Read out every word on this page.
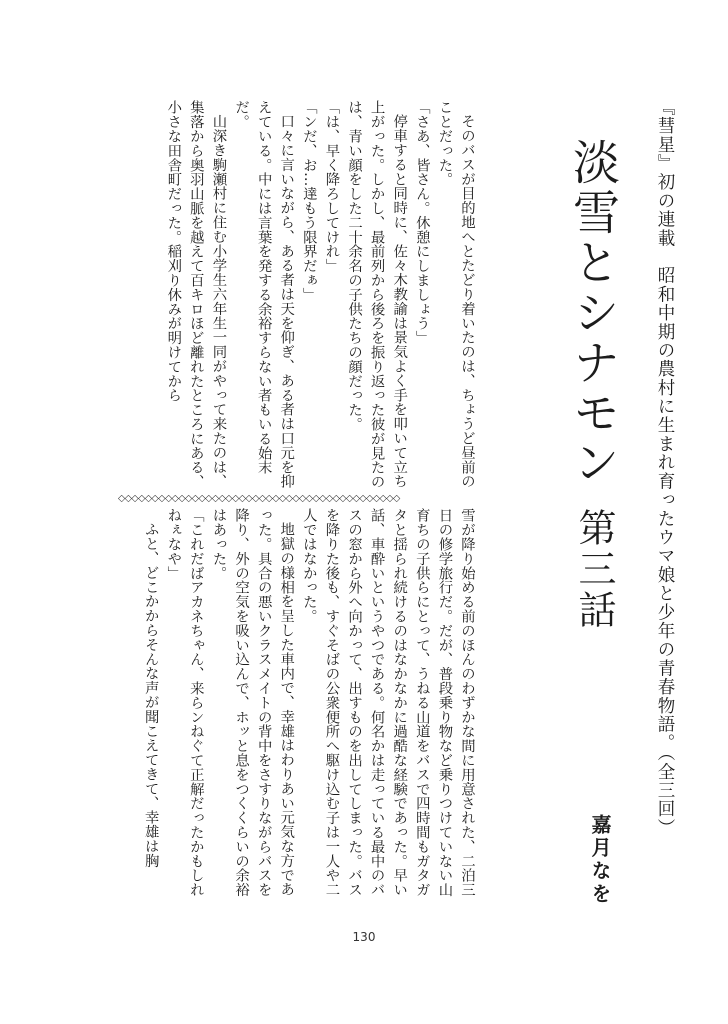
『彗星』初の連載　昭和中期の農村に生まれ育ったウマ娘と少年の青春物語。（全三回）
淡雪とシナモン
第三話
嘉月なを

そのバスが目的地へとたどり着いたのは、ちょうど昼前のことだった。

「さあ、皆さん。休憩にしましょう」

停車すると同時に、佐々木教諭は景気よく手を叩いて立ち上がった。しかし、最前列から後ろを振り返った彼が見たのは、青い顔をした二十余名の子供たちの顔だった。

「は、早く降ろしてけれ」

「ンだ、お…達もう限界だぁ」

口々に言いながら、ある者は天を仰ぎ、ある者は口元を抑えている。中には言葉を発する余裕すらない者もいる始末だ。

山深き駒瀬村に住む小学生六年生一同がやって来たのは、集落から奥羽山脈を越えて百キロほど離れたところにある、小さな田舎町だった。稲刈り休みが明けてから

◇◇◇◇◇◇◇◇◇◇◇◇◇◇◇◇◇◇◇◇◇◇◇◇◇◇◇◇◇◇◇◇◇◇◇◇◇◇◇◇◇◇

雪が降り始める前のほんのわずかな間に用意された、二泊三日の修学旅行だ。だが、普段乗り物など乗りつけていない山育ちの子供らにとって、うねる山道をバスで四時間もガタガタと揺られ続けるのはなかなかに過酷な経験であった。早い話、車酔いというやつである。何名かは走っている最中のバスの窓から外へ向かって、出すものを出してしまった。バスを降りた後も、すぐそばの公衆便所へ駆け込む子は一人や二人ではなかった。

地獄の様相を呈した車内で、幸雄はわりあい元気な方であった。具合の悪いクラスメイトの背中をさすりながらバスを降り、外の空気を吸い込んで、ホッと息をつくくらいの余裕はあった。

「これだばアカネちゃん、来らンねぐて正解だったかもしれねぇなや」

ふと、どこかからそんな声が聞こえてきて、幸雄は胸

130
